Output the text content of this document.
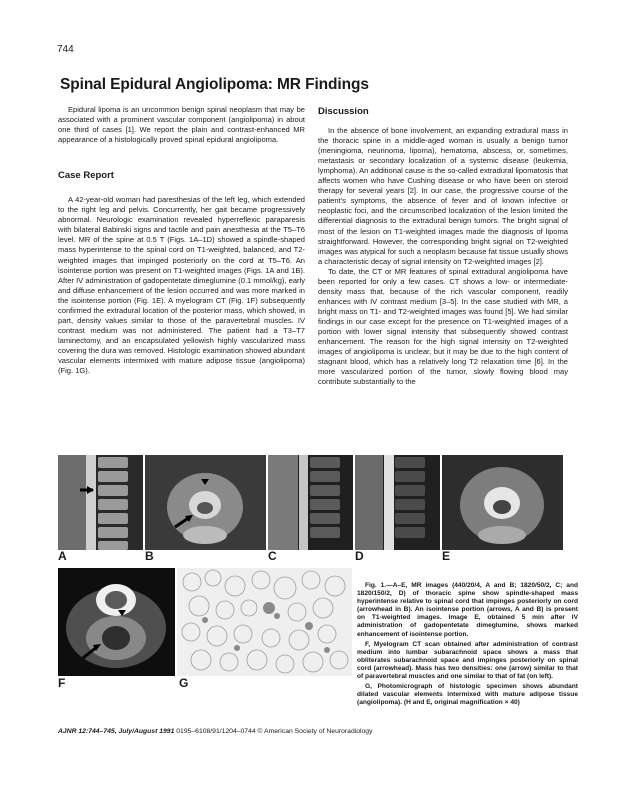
744
Spinal Epidural Angiolipoma: MR Findings

Epidural lipoma is an uncommon benign spinal neoplasm that may be associated with a prominent vascular component (angiolipoma) in about one third of cases [1]. We report the plain and contrast-enhanced MR appearance of a histologically proved spinal epidural angiolipoma.

Case Report

A 42-year-old woman had paresthesias of the left leg, which extended to the right leg and pelvis. Concurrently, her gait became progressively abnormal. Neurologic examination revealed hyperreflexic paraparesis with bilateral Babinski signs and tactile and pain anesthesia at the T5–T6 level. MR of the spine at 0.5 T (Figs. 1A–1D) showed a spindle-shaped mass hyperintense to the spinal cord on T1-weighted, balanced, and T2-weighted images that impinged posteriorly on the cord at T5–T6. An isointense portion was present on T1-weighted images (Figs. 1A and 1B). After IV administration of gadopentetate dimeglumine (0.1 mmol/kg), early and diffuse enhancement of the lesion occurred and was more marked in the isointense portion (Fig. 1E). A myelogram CT (Fig. 1F) subsequently confirmed the extradural location of the posterior mass, which showed, in part, density values similar to those of the paravertebral muscles. IV contrast medium was not administered. The patient had a T3–T7 laminectomy, and an encapsulated yellowish highly vascularized mass covering the dura was removed. Histologic examination showed abundant vascular elements intermixed with mature adipose tissue (angiolipoma) (Fig. 1G).

Discussion

In the absence of bone involvement, an expanding extradural mass in the thoracic spine in a middle-aged woman is usually a benign tumor (meningioma, neurinoma, lipoma), hematoma, abscess, or, sometimes, metastasis or secondary localization of a systemic disease (leukemia, lymphoma). An additional cause is the so-called extradural lipomatosis that affects women who have Cushing disease or who have been on steroid therapy for several years [2]. In our case, the progressive course of the patient's symptoms, the absence of fever and of known infective or neoplastic foci, and the circumscribed localization of the lesion limited the differential diagnosis to the extradural benign tumors. The bright signal of most of the lesion on T1-weighted images made the diagnosis of lipoma straightforward. However, the corresponding bright signal on T2-weighted images was atypical for such a neoplasm because fat tissue usually shows a characteristic decay of signal intensity on T2-weighted images [2].

To date, the CT or MR features of spinal extradural angiolipoma have been reported for only a few cases. CT shows a low- or intermediate-density mass that, because of the rich vascular component, readily enhances with IV contrast medium [3–5]. In the case studied with MR, a bright mass on T1- and T2-weighted images was found [5]. We had similar findings in our case except for the presence on T1-weighted images of a portion with lower signal intensity that subsequently showed contrast enhancement. The reason for the high signal intensity on T2-weighted images of angiolipoma is unclear, but it may be due to the high content of stagnant blood, which has a relatively long T2 relaxation time [6]. In the more vascularized portion of the tumor, slowly flowing blood may contribute substantially to the

A	B	C	D	E
F	G

Fig. 1.—A–E, MR images (440/20/4, A and B; 1820/50/2, C; and 1820/150/2, D) of thoracic spine show spindle-shaped mass hyperintense relative to spinal cord that impinges posteriorly on cord (arrowhead in B). An isointense portion (arrows, A and B) is present on T1-weighted images. Image E, obtained 5 min after IV administration of gadopentetate dimeglumine, shows marked enhancement of isointense portion.

F, Myelogram CT scan obtained after administration of contrast medium into lumbar subarachnoid space shows a mass that obliterates subarachnoid space and impinges posteriorly on spinal cord (arrowhead). Mass has two densities: one (arrow) similar to that of paravertebral muscles and one similar to that of fat (on left).

G, Photomicrograph of histologic specimen shows abundant dilated vascular elements intermixed with mature adipose tissue (angiolipoma). (H and E, original magnification × 40)

AJNR 12:744–745, July/August 1991 0195–6108/91/1204–0744 © American Society of Neuroradiology
